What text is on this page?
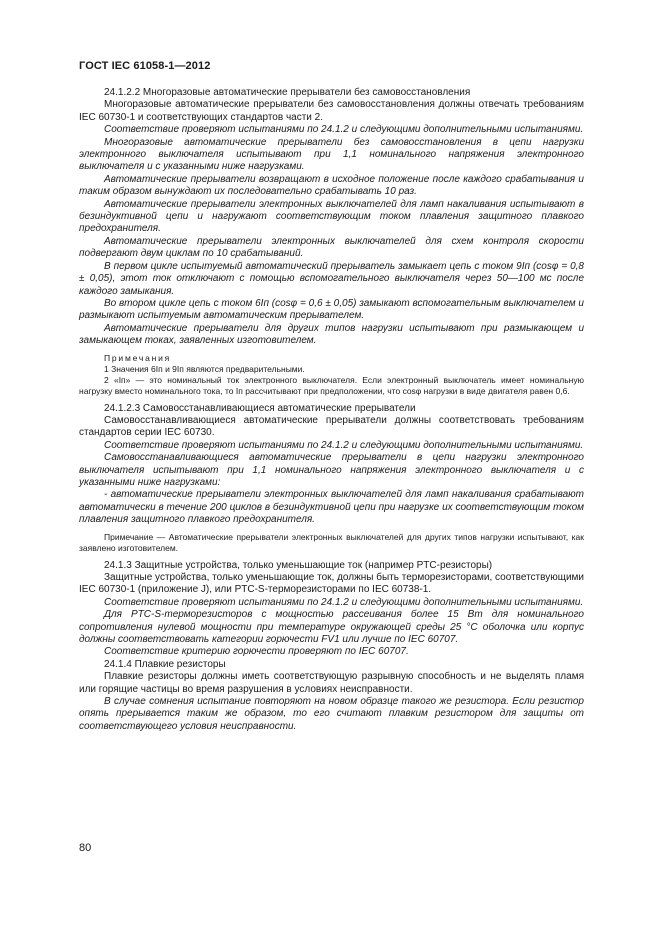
ГОСТ IEC 61058-1—2012

24.1.2.2 Многоразовые автоматические прерыватели без самовосстановления

Многоразовые автоматические прерыватели без самовосстановления должны отвечать требованиям IEC 60730-1 и соответствующих стандартов части 2.

Соответствие проверяют испытаниями по 24.1.2 и следующими дополнительными испытаниями.

Многоразовые автоматические прерыватели без самовосстановления в цепи нагрузки электронного выключателя испытывают при 1,1 номинального напряжения электронного выключателя и с указанными ниже нагрузками.

Автоматические прерыватели возвращают в исходное положение после каждого срабатывания и таким образом вынуждают их последовательно срабатывать 10 раз.

Автоматические прерыватели электронных выключателей для ламп накаливания испытывают в безиндуктивной цепи и нагружают соответствующим током плавления защитного плавкого предохранителя.

Автоматические прерыватели электронных выключателей для схем контроля скорости подвергают двум циклам по 10 срабатываний.

В первом цикле испытуемый автоматический прерыватель замыкает цепь с током 9Iп (cosφ = 0,8 ± 0,05), этот ток отключают с помощью вспомогательного выключателя через 50—100 мс после каждого замыкания.

Во втором цикле цепь с током 6Iп (cosφ = 0,6 ± 0,05) замыкают вспомогательным выключателем и размыкают испытуемым автоматическим прерывателем.

Автоматические прерыватели для других типов нагрузки испытывают при размыкающем и замыкающем токах, заявленных изготовителем.

Примечания

1 Значения 6Iп и 9Iп являются предварительными.

2 «Iп» — это номинальный ток электронного выключателя. Если электронный выключатель имеет номинальную нагрузку вместо номинального тока, то Iп рассчитывают при предположении, что cosφ нагрузки в виде двигателя равен 0,6.

24.1.2.3 Самовосстанавливающиеся автоматические прерыватели

Самовосстанавливающиеся автоматические прерыватели должны соответствовать требованиям стандартов серии IEC 60730.

Соответствие проверяют испытаниями по 24.1.2 и следующими дополнительными испытаниями.

Самовосстанавливающиеся автоматические прерыватели в цепи нагрузки электронного выключателя испытывают при 1,1 номинального напряжения электронного выключателя и с указанными ниже нагрузками:

- автоматические прерыватели электронных выключателей для ламп накаливания срабатывают автоматически в течение 200 циклов в безиндуктивной цепи при нагрузке их соответствующим током плавления защитного плавкого предохранителя.

Примечание — Автоматические прерыватели электронных выключателей для других типов нагрузки испытывают, как заявлено изготовителем.

24.1.3 Защитные устройства, только уменьшающие ток (например PTC-резисторы)

Защитные устройства, только уменьшающие ток, должны быть терморезисторами, соответствующими IEC 60730-1 (приложение J), или PTC-S-терморезисторами по IEC 60738-1.

Соответствие проверяют испытаниями по 24.1.2 и следующими дополнительными испытаниями.

Для PTC-S-терморезисторов с мощностью рассеивания более 15 Вт для номинального сопротивления нулевой мощности при температуре окружающей среды 25 °С оболочка или корпус должны соответствовать категории горючести FV1 или лучше по IEC 60707.

Соответствие критерию горючести проверяют по IEC 60707.

24.1.4 Плавкие резисторы

Плавкие резисторы должны иметь соответствующую разрывную способность и не выделять пламя или горящие частицы во время разрушения в условиях неисправности.

В случае сомнения испытание повторяют на новом образце такого же резистора. Если резистор опять прерывается таким же образом, то его считают плавким резистором для защиты от соответствующего условия неисправности.

80
